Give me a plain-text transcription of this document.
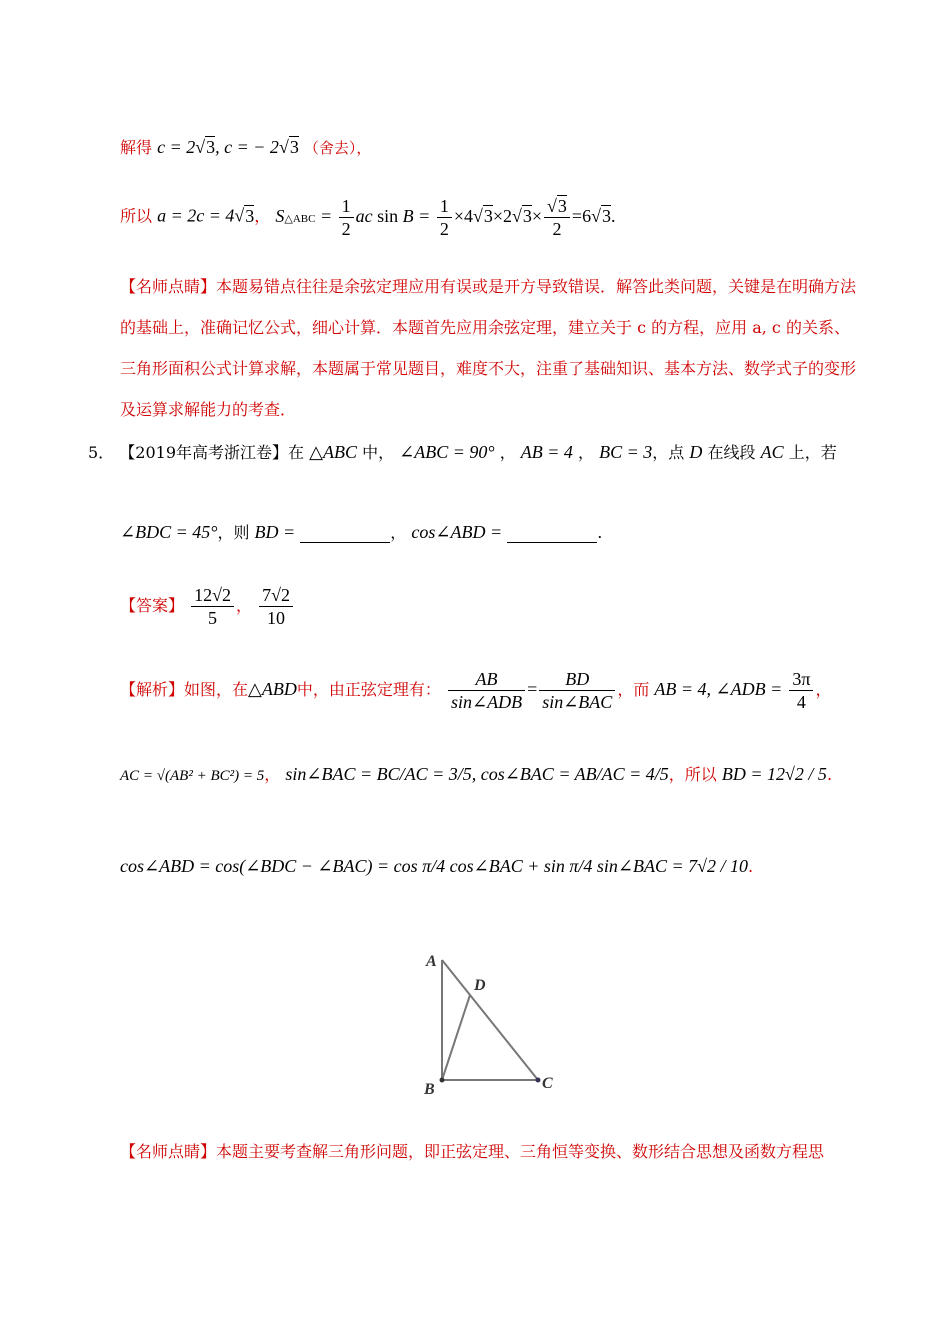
解得 c = 2√3, c = − 2√3 （舍去），
所以 a = 2c = 4√3， S△ABC = $\frac{1}{2}$ ac $\sin B = \frac{1}{2} \times 4√3\times 2√3\times \frac{√3}{2} =6√3$.
【名师点睛】本题易错点往往是余弦定理应用有误或是开方导致错误．解答此类问题，关键是在明确方法的基础上，准确记忆公式，细心计算．本题首先应用余弦定理，建立关于 c 的方程，应用 a, c 的关系、三角形面积公式计算求解，本题属于常见题目，难度不大，注重了基础知识、基本方法、数学式子的变形及运算求解能力的考查．
5． 【2019年高考浙江卷】在 △ABC 中， ∠ABC = 90° ， AB = 4 ， BC = 3，点 D 在线段 AC 上，若
∠BDC = 45°，则 BD =	， cos∠ABD =	.
【答案】 $\frac{12√2}{5}$ ， $\frac{7√2}{10}$
【解析】如图，在△ABD中，由正弦定理有： $\frac{AB}{\text{sin∠ADB}} = \frac{BD}{\text{sin∠BAC}}$ ，而 AB = 4, ∠ADB = $\frac{3\pi}{4}$ ，
AC = √(AB² + BC²) = 5， sin∠BAC = BC/AC = 3/5, cos∠BAC = AB/AC = 4/5，所以 BD = 12√2 / 5.
cos∠ABD = cos(∠BDC − ∠BAC) = cos π/4 cos∠BAC + sin π/4 sin∠BAC = 7√2 / 10.
A
D
B	C
【名师点睛】本题主要考查解三角形问题，即正弦定理、三角恒等变换、数形结合思想及函数方程思
